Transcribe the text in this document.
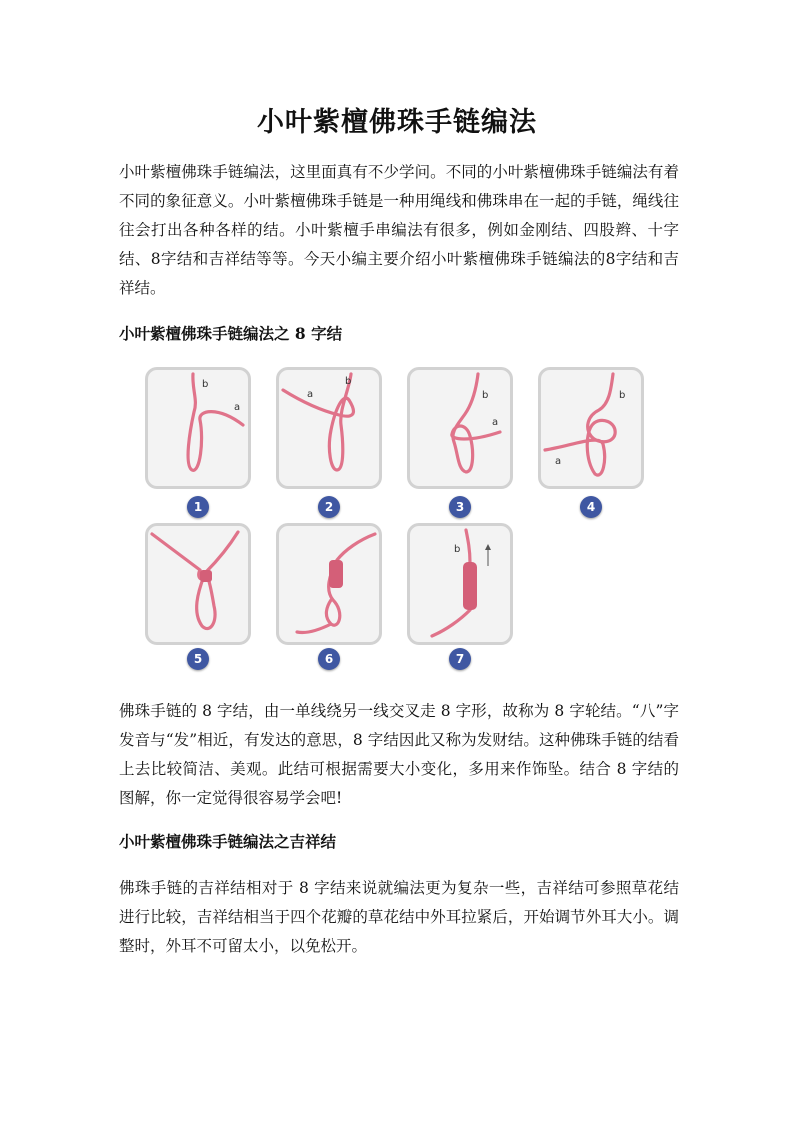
小叶紫檀佛珠手链编法

小叶紫檀佛珠手链编法，这里面真有不少学问。不同的小叶紫檀佛珠手链编法有着不同的象征意义。小叶紫檀佛珠手链是一种用绳线和佛珠串在一起的手链，绳线往往会打出各种各样的结。小叶紫檀手串编法有很多，例如金刚结、四股辫、十字结、8字结和吉祥结等等。今天小编主要介绍小叶紫檀佛珠手链编法的8字结和吉祥结。

小叶紫檀佛珠手链编法之 8 字结

b
a
1
a
b
2
b
a
3
b
a
4
5	6
b
7

佛珠手链的 8 字结，由一单线绕另一线交叉走 8 字形，故称为 8 字轮结。“八”字发音与“发”相近，有发达的意思，8 字结因此又称为发财结。这种佛珠手链的结看上去比较简洁、美观。此结可根据需要大小变化，多用来作饰坠。结合 8 字结的图解，你一定觉得很容易学会吧!

小叶紫檀佛珠手链编法之吉祥结

佛珠手链的吉祥结相对于 8 字结来说就编法更为复杂一些，吉祥结可参照草花结进行比较，吉祥结相当于四个花瓣的草花结中外耳拉紧后，开始调节外耳大小。调整时，外耳不可留太小，以免松开。
